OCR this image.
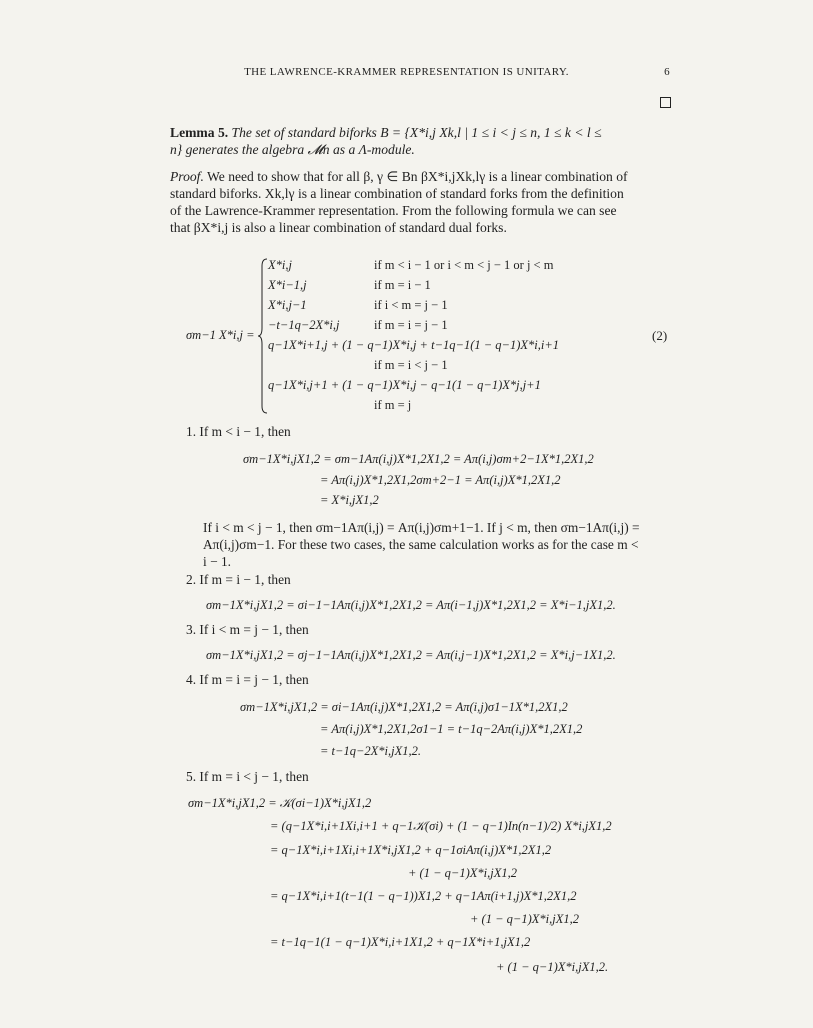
THE LAWRENCE-KRAMMER REPRESENTATION IS UNITARY.	6
Lemma 5. The set of standard biforks B = {X*i,j Xk,l | 1 ≤ i < j ≤ n, 1 ≤ k < l ≤
n} generates the algebra 𝓜n as a Λ-module.
Proof. We need to show that for all β, γ ∈ Bn βX*i,jXk,lγ is a linear combination of
standard biforks. Xk,lγ is a linear combination of standard forks from the definition
of the Lawrence-Krammer representation. From the following formula we can see
that βX*i,j is also a linear combination of standard dual forks.
σm−1 X*i,j =
X*i,j	if m < i − 1 or i < m < j − 1 or j < m
X*i−1,j	if m = i − 1
X*i,j−1	if i < m = j − 1
−t−1q−2X*i,j	if m = i = j − 1
q−1X*i+1,j + (1 − q−1)X*i,j + t−1q−1(1 − q−1)X*i,i+1
if m = i < j − 1
q−1X*i,j+1 + (1 − q−1)X*i,j − q−1(1 − q−1)X*j,j+1
if m = j
(2)
1. If m < i − 1, then
σm−1X*i,jX1,2 = σm−1Aπ(i,j)X*1,2X1,2 = Aπ(i,j)σm+2−1X*1,2X1,2
= Aπ(i,j)X*1,2X1,2σm+2−1 = Aπ(i,j)X*1,2X1,2
= X*i,jX1,2
If i < m < j − 1, then σm−1Aπ(i,j) = Aπ(i,j)σm+1−1. If j < m, then σm−1Aπ(i,j) =
Aπ(i,j)σm−1. For these two cases, the same calculation works as for the case m <
i − 1.
2. If m = i − 1, then
σm−1X*i,jX1,2 = σi−1−1Aπ(i,j)X*1,2X1,2 = Aπ(i−1,j)X*1,2X1,2 = X*i−1,jX1,2.
3. If i < m = j − 1, then
σm−1X*i,jX1,2 = σj−1−1Aπ(i,j)X*1,2X1,2 = Aπ(i,j−1)X*1,2X1,2 = X*i,j−1X1,2.
4. If m = i = j − 1, then
σm−1X*i,jX1,2 = σi−1Aπ(i,j)X*1,2X1,2 = Aπ(i,j)σ1−1X*1,2X1,2
= Aπ(i,j)X*1,2X1,2σ1−1 = t−1q−2Aπ(i,j)X*1,2X1,2
= t−1q−2X*i,jX1,2.
5. If m = i < j − 1, then
σm−1X*i,jX1,2 = 𝒦(σi−1)X*i,jX1,2
= (q−1X*i,i+1Xi,i+1 + q−1𝒦(σi) + (1 − q−1)In(n−1)/2) X*i,jX1,2
= q−1X*i,i+1Xi,i+1X*i,jX1,2 + q−1σiAπ(i,j)X*1,2X1,2
+ (1 − q−1)X*i,jX1,2
= q−1X*i,i+1(t−1(1 − q−1))X1,2 + q−1Aπ(i+1,j)X*1,2X1,2
+ (1 − q−1)X*i,jX1,2
= t−1q−1(1 − q−1)X*i,i+1X1,2 + q−1X*i+1,jX1,2
+ (1 − q−1)X*i,jX1,2.
